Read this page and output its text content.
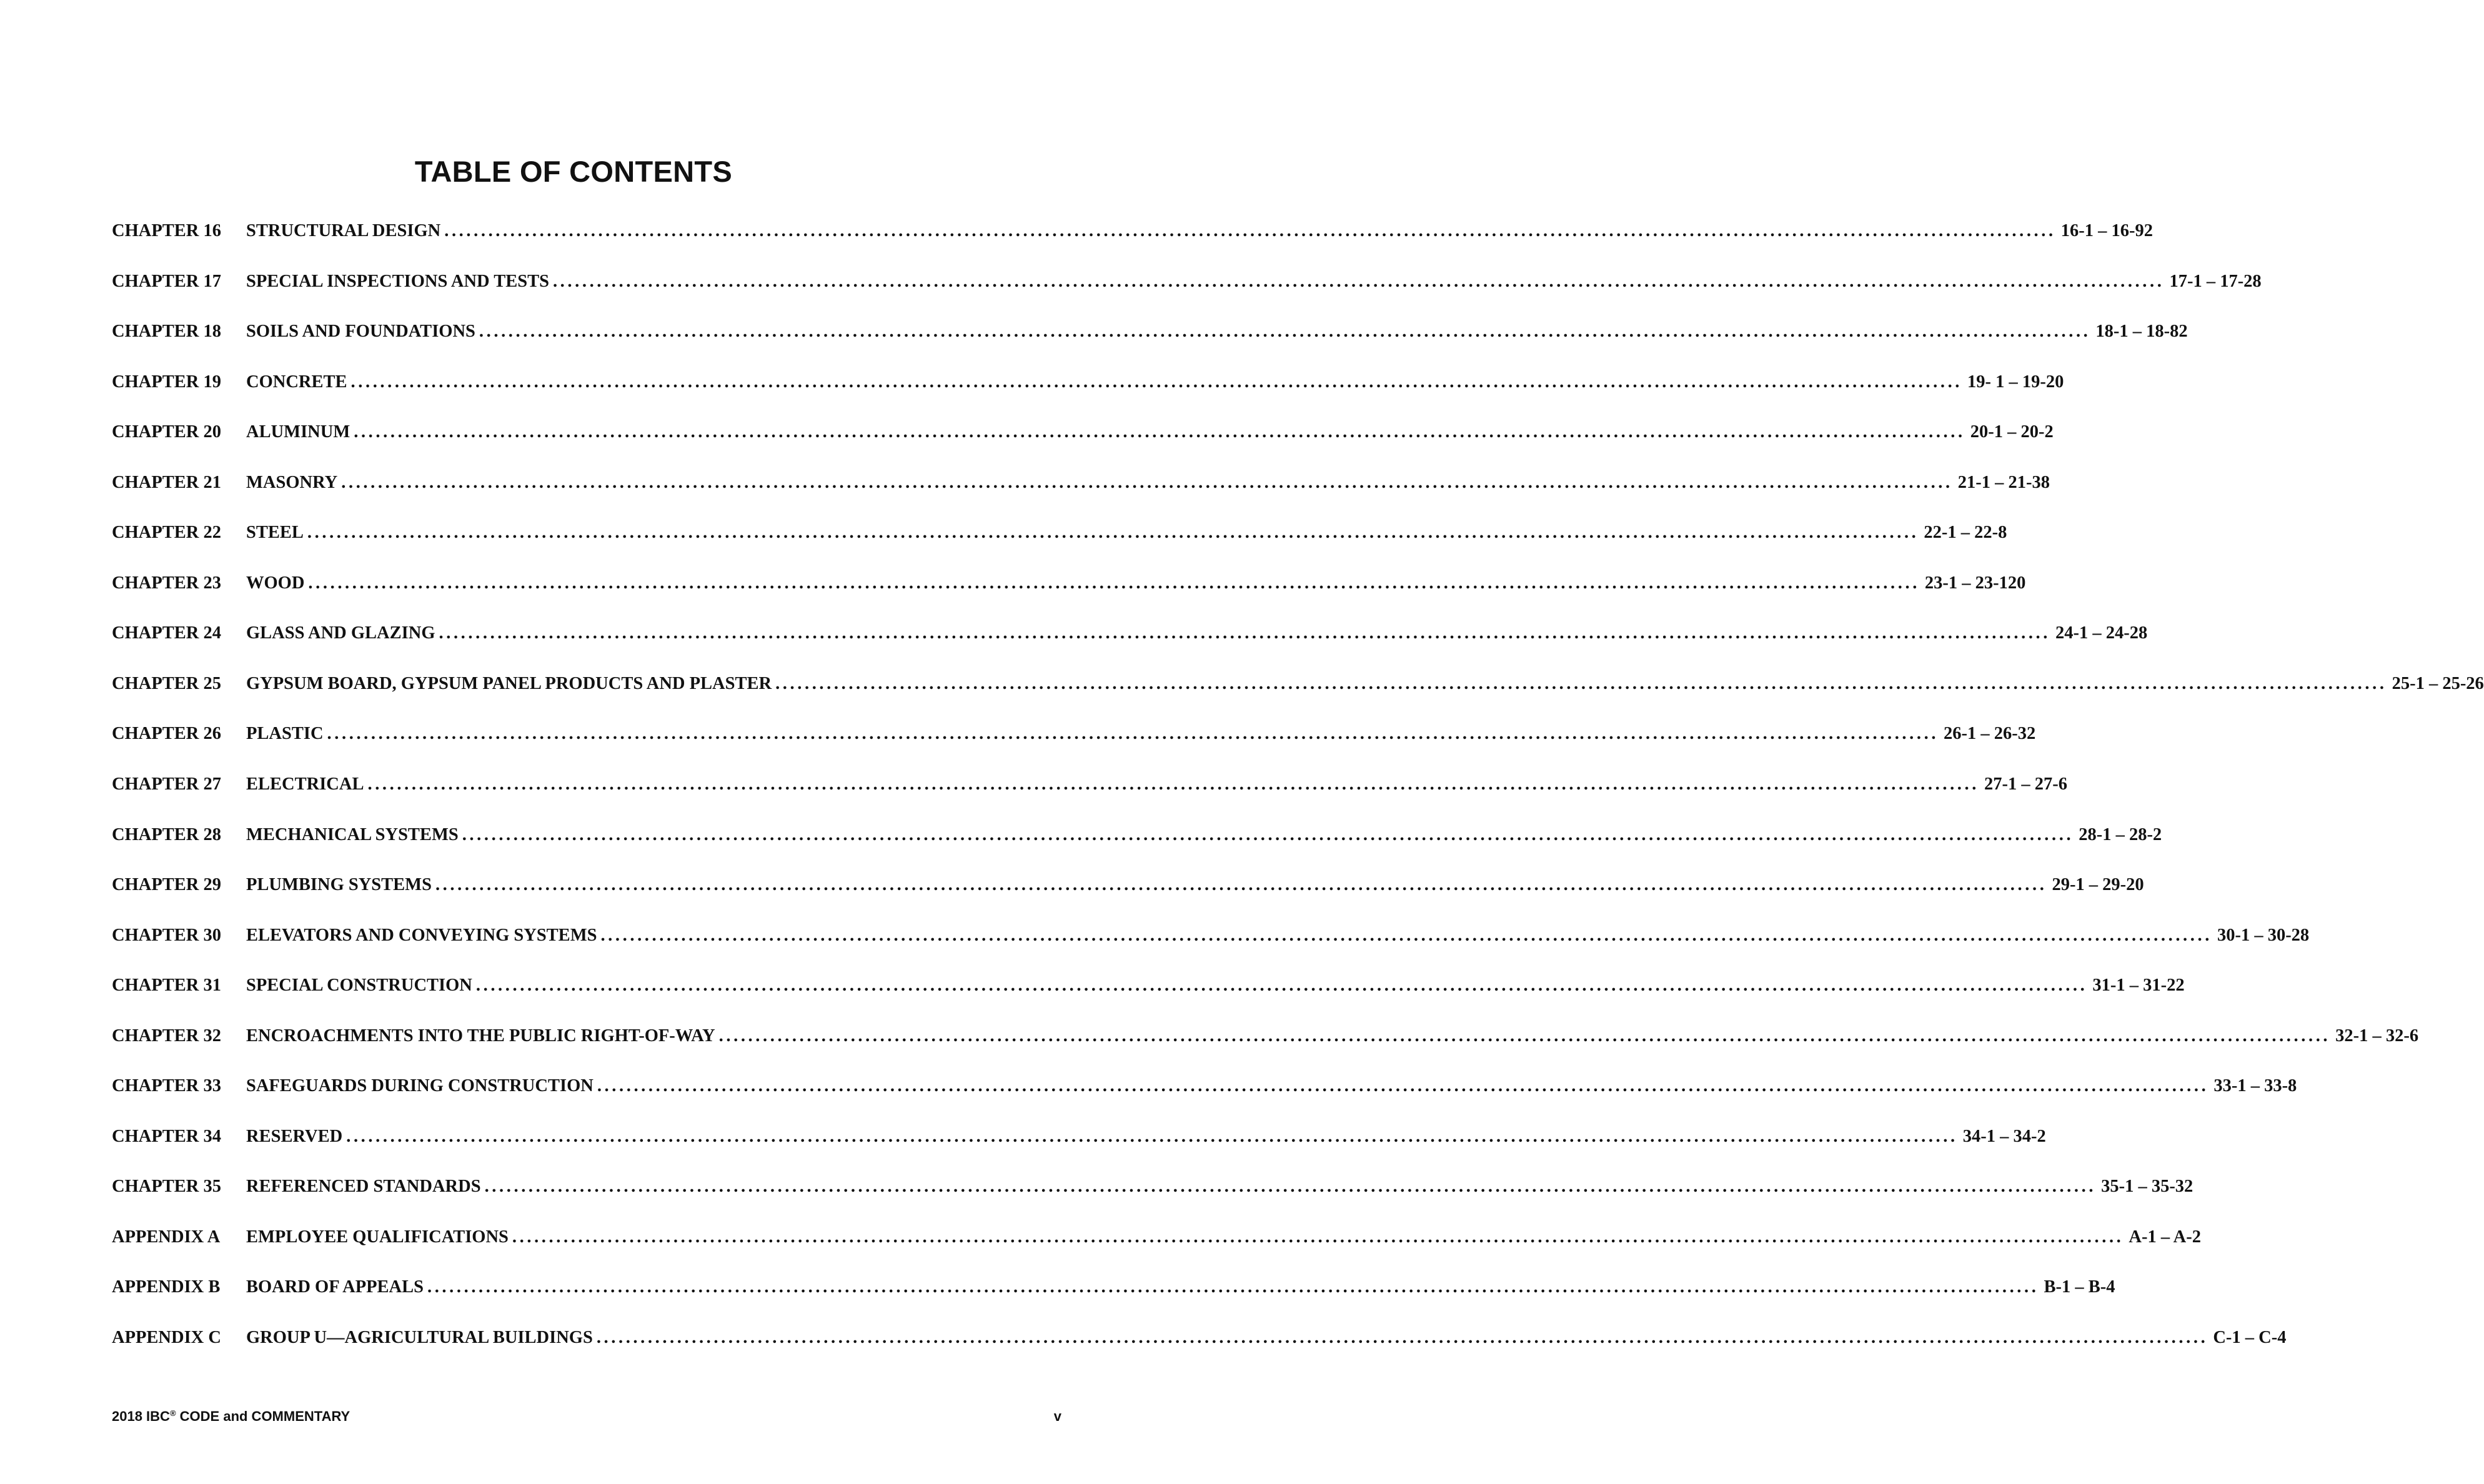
TABLE OF CONTENTS
CHAPTER 16	STRUCTURAL DESIGN ............................................................................................................................................................................................................................ 16-1 – 16-92
CHAPTER 17	SPECIAL INSPECTIONS AND TESTS ............................................................................................................................................................................................................................ 17-1 – 17-28
CHAPTER 18	SOILS AND FOUNDATIONS ............................................................................................................................................................................................................................ 18-1 – 18-82
CHAPTER 19	CONCRETE ............................................................................................................................................................................................................................ 19- 1 – 19-20
CHAPTER 20	ALUMINUM ............................................................................................................................................................................................................................ 20-1 – 20-2
CHAPTER 21	MASONRY ............................................................................................................................................................................................................................ 21-1 – 21-38
CHAPTER 22	STEEL ............................................................................................................................................................................................................................ 22-1 – 22-8
CHAPTER 23	WOOD ............................................................................................................................................................................................................................ 23-1 – 23-120
CHAPTER 24	GLASS AND GLAZING ............................................................................................................................................................................................................................ 24-1 – 24-28
CHAPTER 25	GYPSUM BOARD, GYPSUM PANEL PRODUCTS AND PLASTER ............................................................................................................................................................................................................................ 25-1 – 25-26
CHAPTER 26	PLASTIC ............................................................................................................................................................................................................................ 26-1 – 26-32
CHAPTER 27	ELECTRICAL ............................................................................................................................................................................................................................ 27-1 – 27-6
CHAPTER 28	MECHANICAL SYSTEMS ............................................................................................................................................................................................................................ 28-1 – 28-2
CHAPTER 29	PLUMBING SYSTEMS ............................................................................................................................................................................................................................ 29-1 – 29-20
CHAPTER 30	ELEVATORS AND CONVEYING SYSTEMS ............................................................................................................................................................................................................................ 30-1 – 30-28
CHAPTER 31	SPECIAL CONSTRUCTION ............................................................................................................................................................................................................................ 31-1 – 31-22
CHAPTER 32	ENCROACHMENTS INTO THE PUBLIC RIGHT-OF-WAY ............................................................................................................................................................................................................................ 32-1 – 32-6
CHAPTER 33	SAFEGUARDS DURING CONSTRUCTION ............................................................................................................................................................................................................................ 33-1 – 33-8
CHAPTER 34	RESERVED ............................................................................................................................................................................................................................ 34-1 – 34-2
CHAPTER 35	REFERENCED STANDARDS ............................................................................................................................................................................................................................ 35-1 – 35-32
APPENDIX A	EMPLOYEE QUALIFICATIONS ............................................................................................................................................................................................................................ A-1 – A-2
APPENDIX B	BOARD OF APPEALS ............................................................................................................................................................................................................................ B-1 – B-4
APPENDIX C	GROUP U—AGRICULTURAL BUILDINGS ............................................................................................................................................................................................................................ C-1 – C-4
2018 IBC® CODE and COMMENTARY	v
